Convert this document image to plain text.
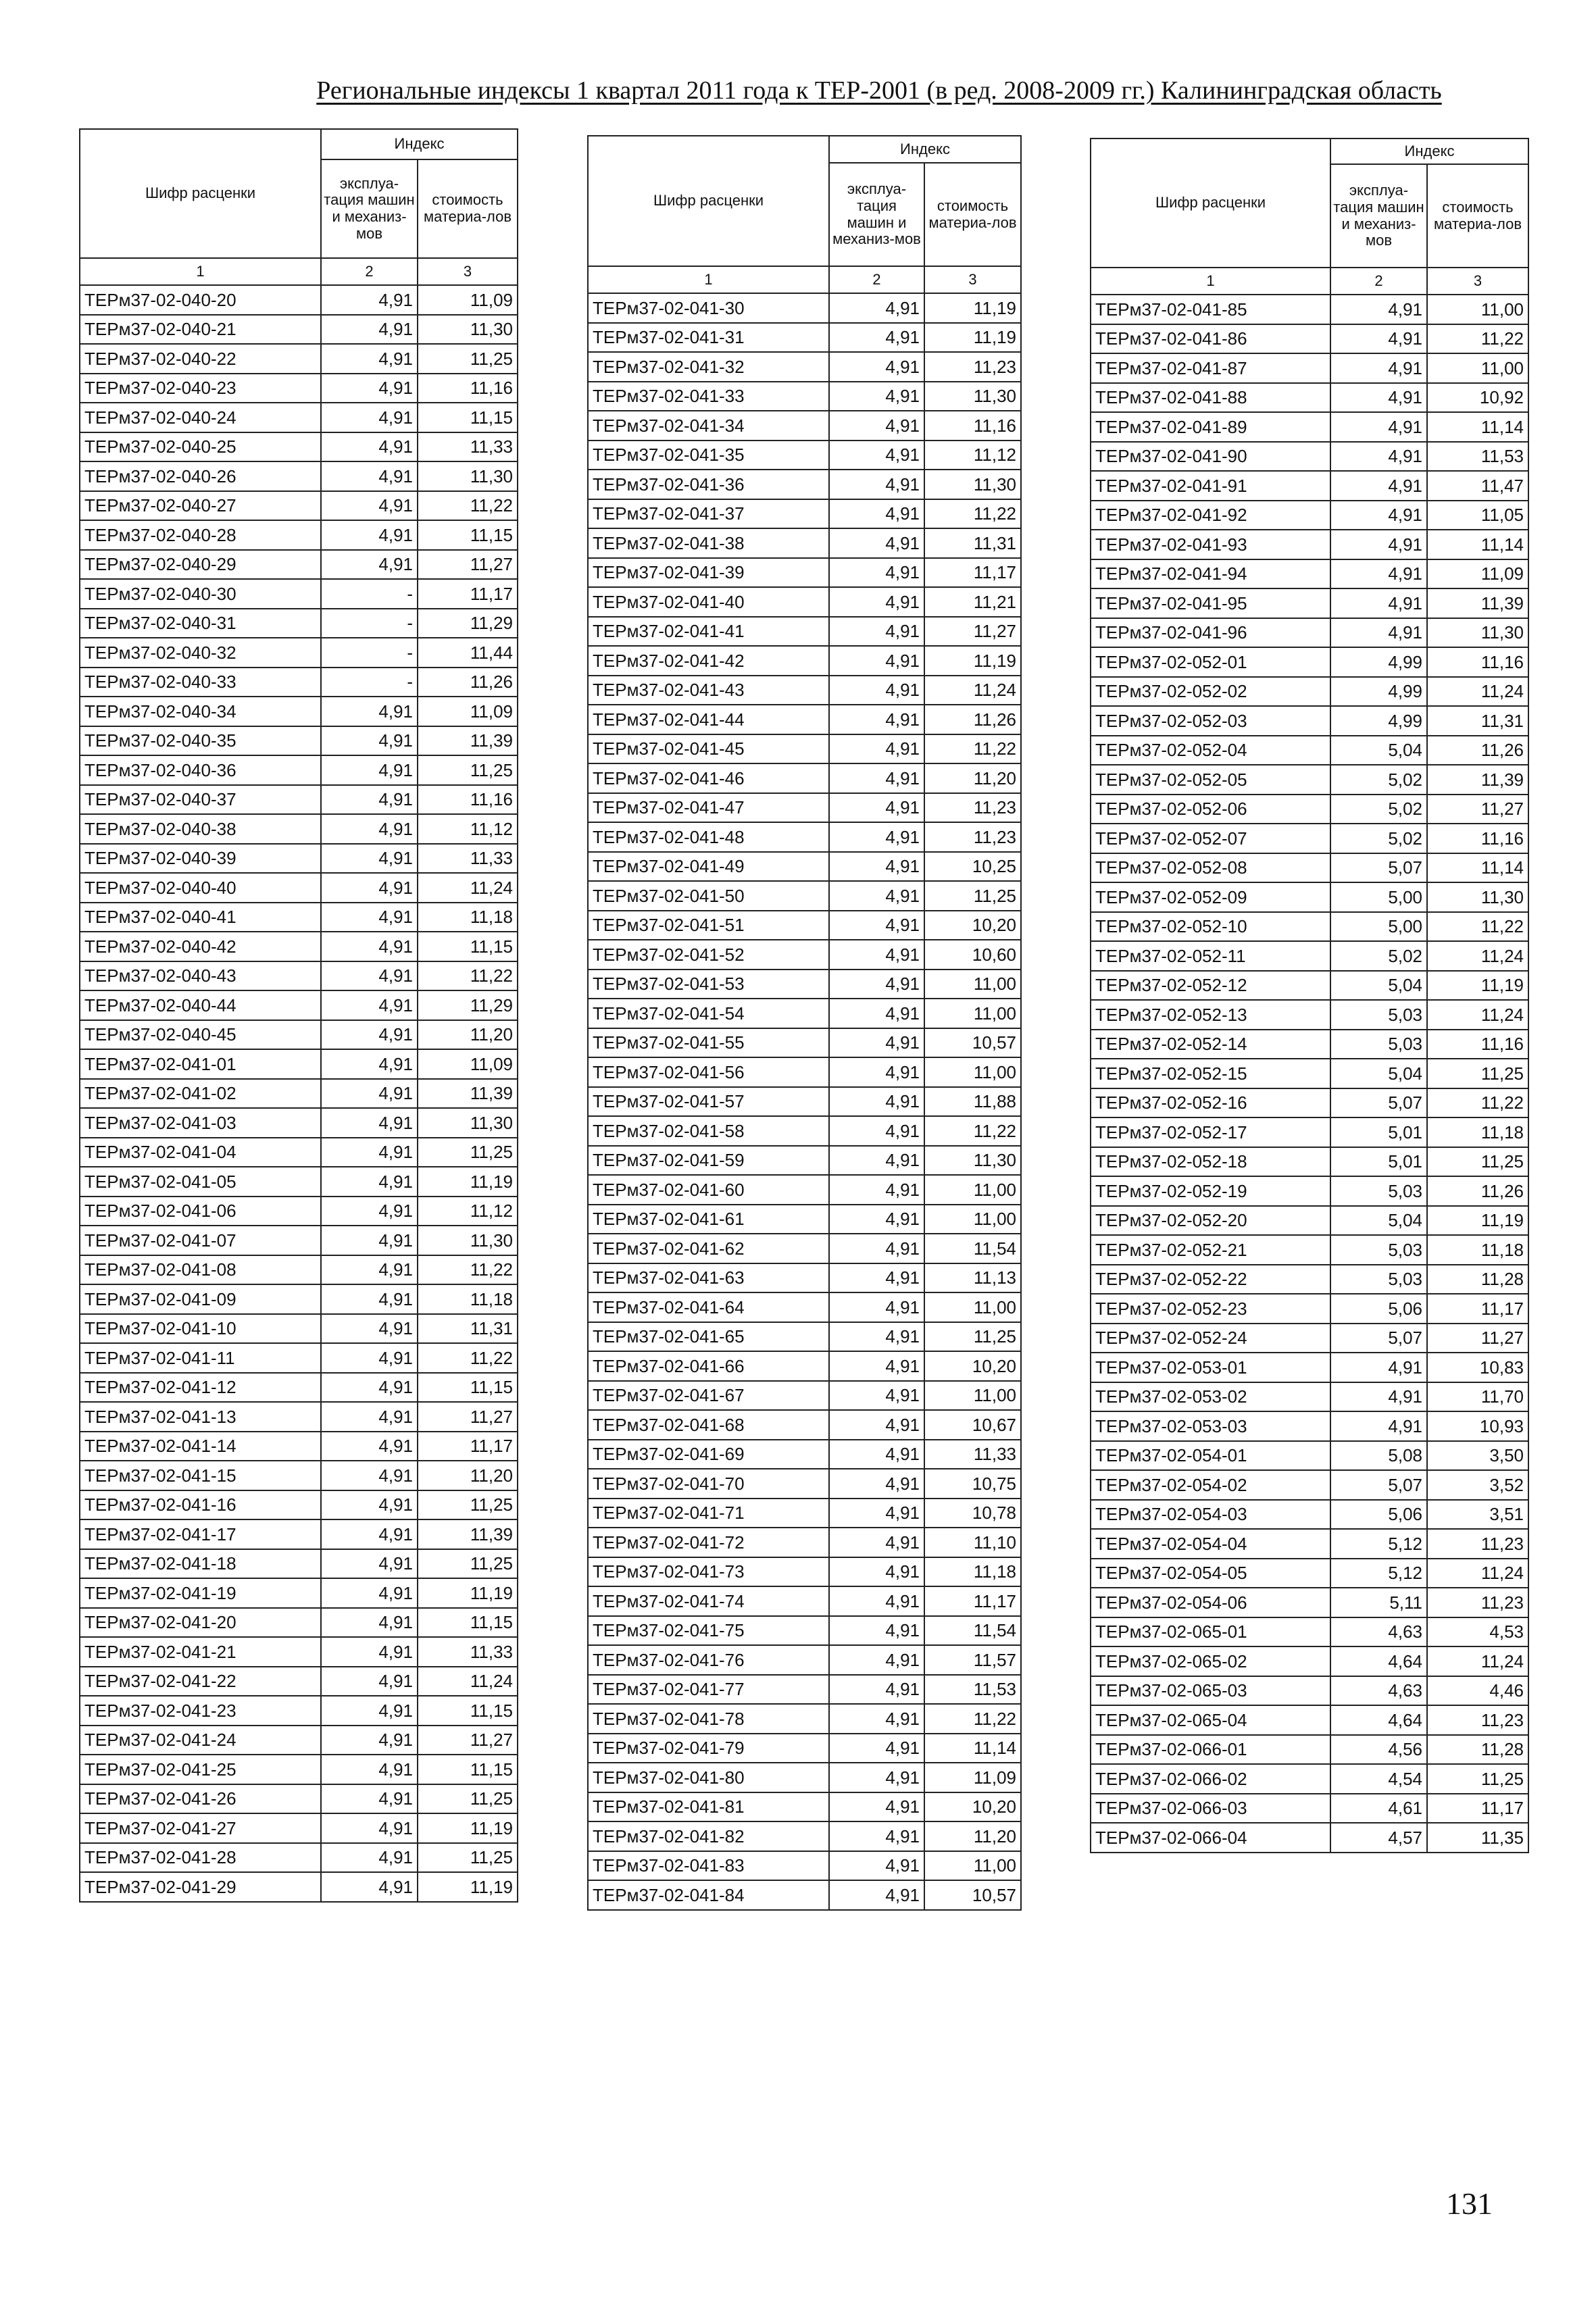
Региональные индексы 1 квартал 2011 года к ТЕР-2001 (в ред. 2008-2009 гг.) Калининградская область
Шифр расценки	Индекс	
	эксплуа-тация машин и механиз-мов	стоимость материа-лов
1	2	3
ТЕРм37-02-040-20	4,91	11,09
ТЕРм37-02-040-21	4,91	11,30
ТЕРм37-02-040-22	4,91	11,25
ТЕРм37-02-040-23	4,91	11,16
ТЕРм37-02-040-24	4,91	11,15
ТЕРм37-02-040-25	4,91	11,33
ТЕРм37-02-040-26	4,91	11,30
ТЕРм37-02-040-27	4,91	11,22
ТЕРм37-02-040-28	4,91	11,15
ТЕРм37-02-040-29	4,91	11,27
ТЕРм37-02-040-30	-	11,17
ТЕРм37-02-040-31	-	11,29
ТЕРм37-02-040-32	-	11,44
ТЕРм37-02-040-33	-	11,26
ТЕРм37-02-040-34	4,91	11,09
ТЕРм37-02-040-35	4,91	11,39
ТЕРм37-02-040-36	4,91	11,25
ТЕРм37-02-040-37	4,91	11,16
ТЕРм37-02-040-38	4,91	11,12
ТЕРм37-02-040-39	4,91	11,33
ТЕРм37-02-040-40	4,91	11,24
ТЕРм37-02-040-41	4,91	11,18
ТЕРм37-02-040-42	4,91	11,15
ТЕРм37-02-040-43	4,91	11,22
ТЕРм37-02-040-44	4,91	11,29
ТЕРм37-02-040-45	4,91	11,20
ТЕРм37-02-041-01	4,91	11,09
ТЕРм37-02-041-02	4,91	11,39
ТЕРм37-02-041-03	4,91	11,30
ТЕРм37-02-041-04	4,91	11,25
ТЕРм37-02-041-05	4,91	11,19
ТЕРм37-02-041-06	4,91	11,12
ТЕРм37-02-041-07	4,91	11,30
ТЕРм37-02-041-08	4,91	11,22
ТЕРм37-02-041-09	4,91	11,18
ТЕРм37-02-041-10	4,91	11,31
ТЕРм37-02-041-11	4,91	11,22
ТЕРм37-02-041-12	4,91	11,15
ТЕРм37-02-041-13	4,91	11,27
ТЕРм37-02-041-14	4,91	11,17
ТЕРм37-02-041-15	4,91	11,20
ТЕРм37-02-041-16	4,91	11,25
ТЕРм37-02-041-17	4,91	11,39
ТЕРм37-02-041-18	4,91	11,25
ТЕРм37-02-041-19	4,91	11,19
ТЕРм37-02-041-20	4,91	11,15
ТЕРм37-02-041-21	4,91	11,33
ТЕРм37-02-041-22	4,91	11,24
ТЕРм37-02-041-23	4,91	11,15
ТЕРм37-02-041-24	4,91	11,27
ТЕРм37-02-041-25	4,91	11,15
ТЕРм37-02-041-26	4,91	11,25
ТЕРм37-02-041-27	4,91	11,19
ТЕРм37-02-041-28	4,91	11,25
ТЕРм37-02-041-29	4,91	11,19
Шифр расценки	Индекс	
	эксплуа-тация машин и механиз-мов	стоимость материа-лов
1	2	3
ТЕРм37-02-041-30	4,91	11,19
ТЕРм37-02-041-31	4,91	11,19
ТЕРм37-02-041-32	4,91	11,23
ТЕРм37-02-041-33	4,91	11,30
ТЕРм37-02-041-34	4,91	11,16
ТЕРм37-02-041-35	4,91	11,12
ТЕРм37-02-041-36	4,91	11,30
ТЕРм37-02-041-37	4,91	11,22
ТЕРм37-02-041-38	4,91	11,31
ТЕРм37-02-041-39	4,91	11,17
ТЕРм37-02-041-40	4,91	11,21
ТЕРм37-02-041-41	4,91	11,27
ТЕРм37-02-041-42	4,91	11,19
ТЕРм37-02-041-43	4,91	11,24
ТЕРм37-02-041-44	4,91	11,26
ТЕРм37-02-041-45	4,91	11,22
ТЕРм37-02-041-46	4,91	11,20
ТЕРм37-02-041-47	4,91	11,23
ТЕРм37-02-041-48	4,91	11,23
ТЕРм37-02-041-49	4,91	10,25
ТЕРм37-02-041-50	4,91	11,25
ТЕРм37-02-041-51	4,91	10,20
ТЕРм37-02-041-52	4,91	10,60
ТЕРм37-02-041-53	4,91	11,00
ТЕРм37-02-041-54	4,91	11,00
ТЕРм37-02-041-55	4,91	10,57
ТЕРм37-02-041-56	4,91	11,00
ТЕРм37-02-041-57	4,91	11,88
ТЕРм37-02-041-58	4,91	11,22
ТЕРм37-02-041-59	4,91	11,30
ТЕРм37-02-041-60	4,91	11,00
ТЕРм37-02-041-61	4,91	11,00
ТЕРм37-02-041-62	4,91	11,54
ТЕРм37-02-041-63	4,91	11,13
ТЕРм37-02-041-64	4,91	11,00
ТЕРм37-02-041-65	4,91	11,25
ТЕРм37-02-041-66	4,91	10,20
ТЕРм37-02-041-67	4,91	11,00
ТЕРм37-02-041-68	4,91	10,67
ТЕРм37-02-041-69	4,91	11,33
ТЕРм37-02-041-70	4,91	10,75
ТЕРм37-02-041-71	4,91	10,78
ТЕРм37-02-041-72	4,91	11,10
ТЕРм37-02-041-73	4,91	11,18
ТЕРм37-02-041-74	4,91	11,17
ТЕРм37-02-041-75	4,91	11,54
ТЕРм37-02-041-76	4,91	11,57
ТЕРм37-02-041-77	4,91	11,53
ТЕРм37-02-041-78	4,91	11,22
ТЕРм37-02-041-79	4,91	11,14
ТЕРм37-02-041-80	4,91	11,09
ТЕРм37-02-041-81	4,91	10,20
ТЕРм37-02-041-82	4,91	11,20
ТЕРм37-02-041-83	4,91	11,00
ТЕРм37-02-041-84	4,91	10,57
Шифр расценки	Индекс	
	эксплуа-тация машин и механиз-мов	стоимость материа-лов
1	2	3
ТЕРм37-02-041-85	4,91	11,00
ТЕРм37-02-041-86	4,91	11,22
ТЕРм37-02-041-87	4,91	11,00
ТЕРм37-02-041-88	4,91	10,92
ТЕРм37-02-041-89	4,91	11,14
ТЕРм37-02-041-90	4,91	11,53
ТЕРм37-02-041-91	4,91	11,47
ТЕРм37-02-041-92	4,91	11,05
ТЕРм37-02-041-93	4,91	11,14
ТЕРм37-02-041-94	4,91	11,09
ТЕРм37-02-041-95	4,91	11,39
ТЕРм37-02-041-96	4,91	11,30
ТЕРм37-02-052-01	4,99	11,16
ТЕРм37-02-052-02	4,99	11,24
ТЕРм37-02-052-03	4,99	11,31
ТЕРм37-02-052-04	5,04	11,26
ТЕРм37-02-052-05	5,02	11,39
ТЕРм37-02-052-06	5,02	11,27
ТЕРм37-02-052-07	5,02	11,16
ТЕРм37-02-052-08	5,07	11,14
ТЕРм37-02-052-09	5,00	11,30
ТЕРм37-02-052-10	5,00	11,22
ТЕРм37-02-052-11	5,02	11,24
ТЕРм37-02-052-12	5,04	11,19
ТЕРм37-02-052-13	5,03	11,24
ТЕРм37-02-052-14	5,03	11,16
ТЕРм37-02-052-15	5,04	11,25
ТЕРм37-02-052-16	5,07	11,22
ТЕРм37-02-052-17	5,01	11,18
ТЕРм37-02-052-18	5,01	11,25
ТЕРм37-02-052-19	5,03	11,26
ТЕРм37-02-052-20	5,04	11,19
ТЕРм37-02-052-21	5,03	11,18
ТЕРм37-02-052-22	5,03	11,28
ТЕРм37-02-052-23	5,06	11,17
ТЕРм37-02-052-24	5,07	11,27
ТЕРм37-02-053-01	4,91	10,83
ТЕРм37-02-053-02	4,91	11,70
ТЕРм37-02-053-03	4,91	10,93
ТЕРм37-02-054-01	5,08	3,50
ТЕРм37-02-054-02	5,07	3,52
ТЕРм37-02-054-03	5,06	3,51
ТЕРм37-02-054-04	5,12	11,23
ТЕРм37-02-054-05	5,12	11,24
ТЕРм37-02-054-06	5,11	11,23
ТЕРм37-02-065-01	4,63	4,53
ТЕРм37-02-065-02	4,64	11,24
ТЕРм37-02-065-03	4,63	4,46
ТЕРм37-02-065-04	4,64	11,23
ТЕРм37-02-066-01	4,56	11,28
ТЕРм37-02-066-02	4,54	11,25
ТЕРм37-02-066-03	4,61	11,17
ТЕРм37-02-066-04	4,57	11,35
131
